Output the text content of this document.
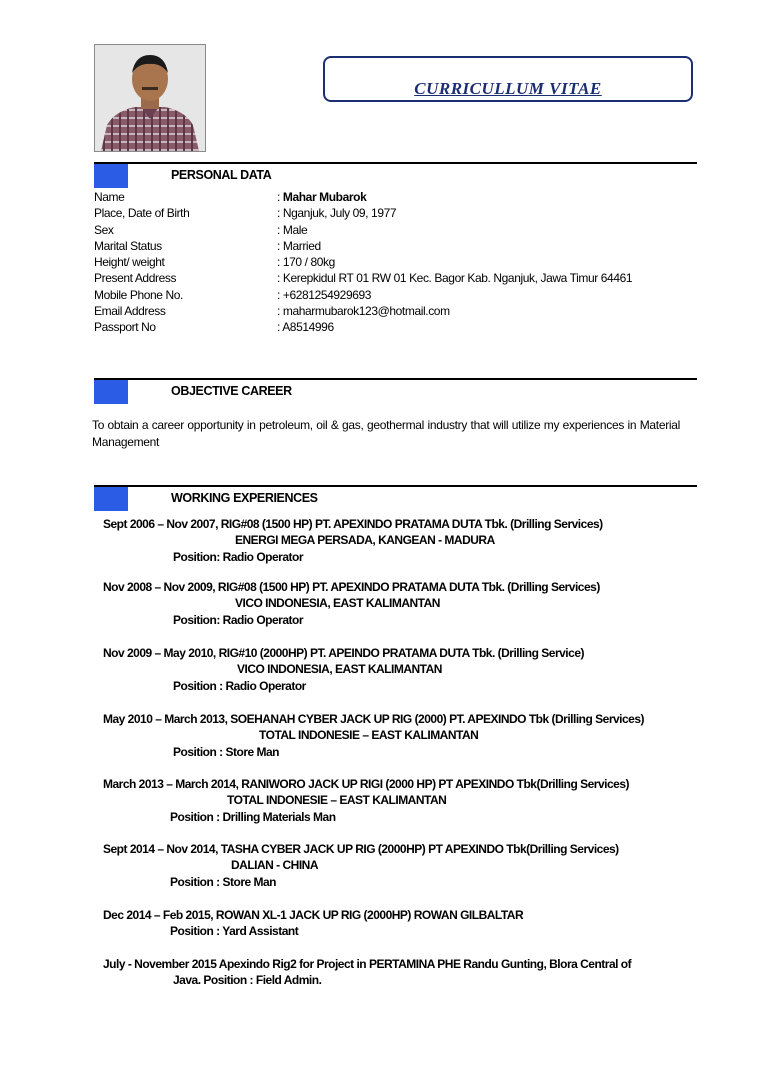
CURRICULLUM VITAE
PERSONAL DATA
Name	: Mahar Mubarok
Place, Date of Birth	: Nganjuk, July 09, 1977
Sex	: Male
Marital Status	: Married
Height/ weight	: 170 / 80kg
Present Address	: Kerepkidul RT 01 RW 01 Kec. Bagor Kab. Nganjuk, Jawa Timur 64461
Mobile Phone No.	: +6281254929693
Email Address	: maharmubarok123@hotmail.com
Passport No	: A8514996
OBJECTIVE CAREER
To obtain a career opportunity in petroleum, oil & gas, geothermal industry that will utilize my experiences in Material Management
WORKING EXPERIENCES
Sept 2006 – Nov 2007, RIG#08 (1500 HP) PT. APEXINDO PRATAMA DUTA Tbk. (Drilling Services)
ENERGI MEGA PERSADA, KANGEAN - MADURA
Position: Radio Operator
Nov 2008 – Nov 2009, RIG#08 (1500 HP) PT. APEXINDO PRATAMA DUTA Tbk. (Drilling Services)
VICO INDONESIA, EAST KALIMANTAN
Position: Radio Operator
Nov 2009 – May 2010, RIG#10 (2000HP) PT. APEINDO PRATAMA DUTA Tbk. (Drilling Service)
VICO INDONESIA, EAST KALIMANTAN
Position : Radio Operator
May 2010 – March 2013, SOEHANAH CYBER JACK UP RIG (2000) PT. APEXINDO Tbk (Drilling Services)
TOTAL INDONESIE – EAST KALIMANTAN
Position : Store Man
March 2013 – March 2014, RANIWORO JACK UP RIGI (2000 HP) PT APEXINDO Tbk(Drilling Services)
TOTAL INDONESIE – EAST KALIMANTAN
Position : Drilling Materials Man
Sept 2014 – Nov 2014, TASHA CYBER JACK UP RIG (2000HP) PT APEXINDO Tbk(Drilling Services)
DALIAN - CHINA
Position : Store Man
Dec 2014 – Feb 2015, ROWAN XL-1 JACK UP RIG (2000HP) ROWAN GILBALTAR
Position : Yard Assistant
July - November 2015 Apexindo Rig2 for Project in PERTAMINA PHE Randu Gunting, Blora Central of
Java. Position : Field Admin.
